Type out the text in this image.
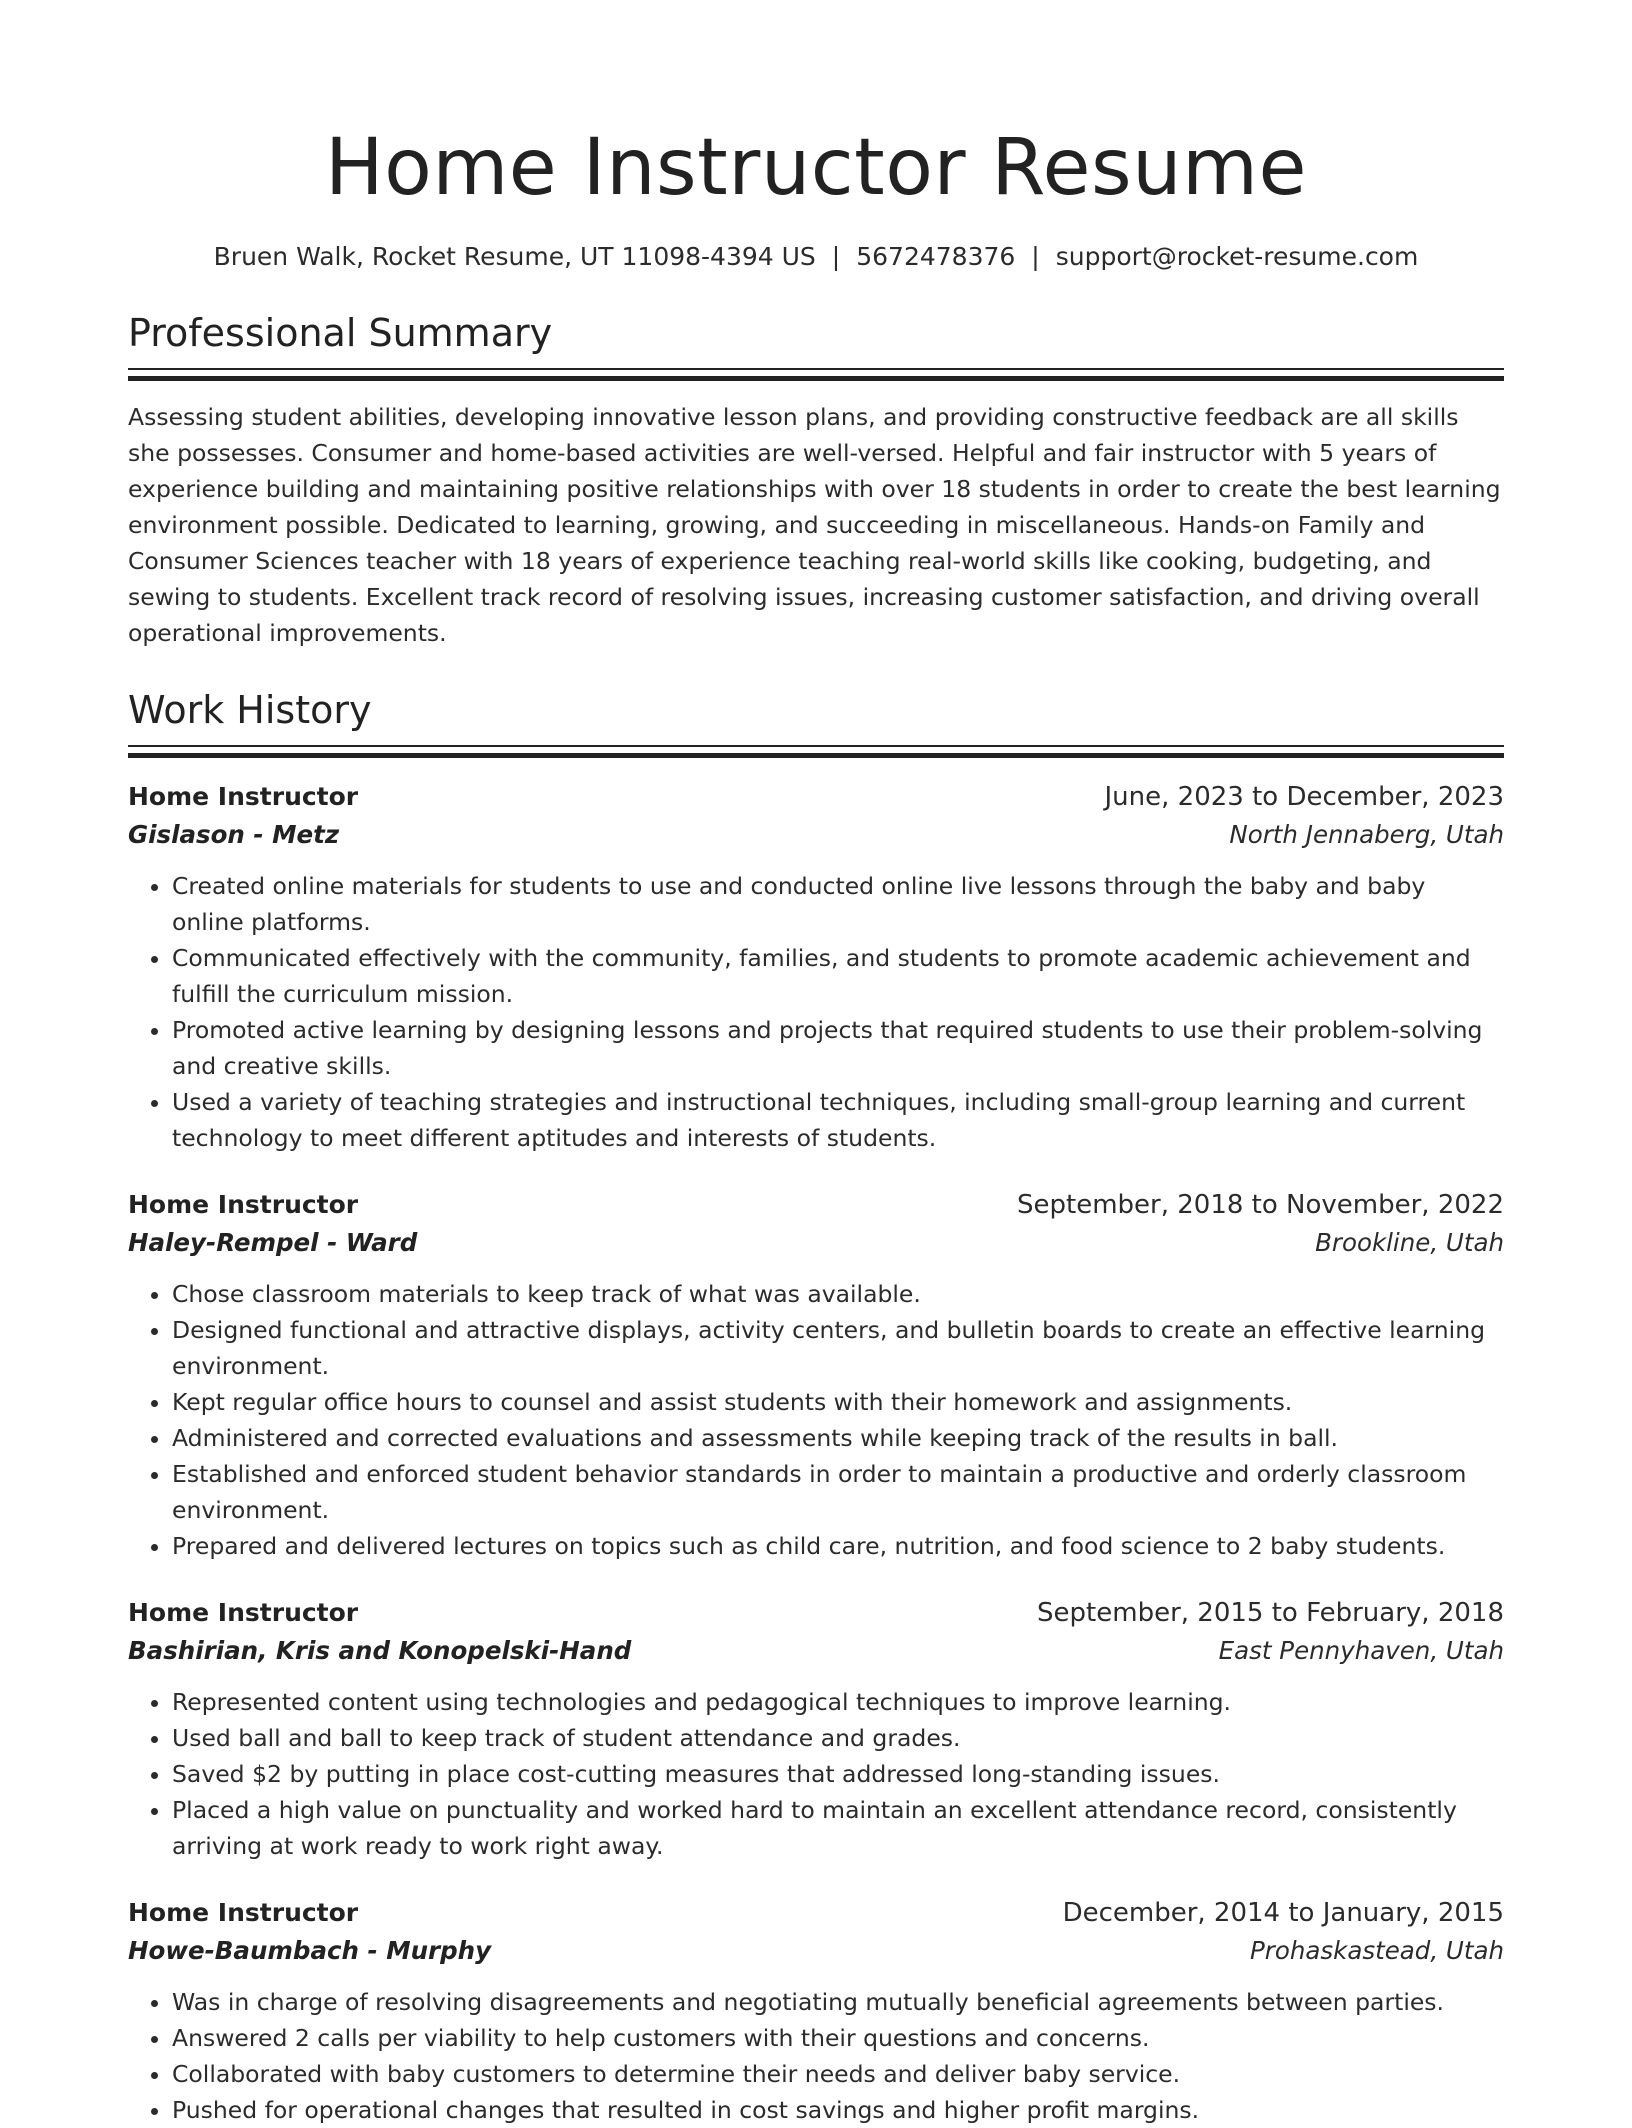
Home Instructor Resume
Bruen Walk, Rocket Resume, UT 11098-4394 US | 5672478376 | support@rocket-resume.com
Professional Summary

Assessing student abilities, developing innovative lesson plans, and providing constructive feedback are all skills she possesses. Consumer and home-based activities are well-versed. Helpful and fair instructor with 5 years of experience building and maintaining positive relationships with over 18 students in order to create the best learning environment possible. Dedicated to learning, growing, and succeeding in miscellaneous. Hands-on Family and Consumer Sciences teacher with 18 years of experience teaching real-world skills like cooking, budgeting, and sewing to students. Excellent track record of resolving issues, increasing customer satisfaction, and driving overall operational improvements.

Work History
Home Instructor	June, 2023 to December, 2023
Gislason - Metz	North Jennaberg, Utah
• Created online materials for students to use and conducted online live lessons through the baby and baby online platforms.
• Communicated effectively with the community, families, and students to promote academic achievement and fulfill the curriculum mission.
• Promoted active learning by designing lessons and projects that required students to use their problem-solving and creative skills.
• Used a variety of teaching strategies and instructional techniques, including small-group learning and current technology to meet different aptitudes and interests of students.
Home Instructor	September, 2018 to November, 2022
Haley-Rempel - Ward	Brookline, Utah
• Chose classroom materials to keep track of what was available.
• Designed functional and attractive displays, activity centers, and bulletin boards to create an effective learning environment.
• Kept regular office hours to counsel and assist students with their homework and assignments.
• Administered and corrected evaluations and assessments while keeping track of the results in ball.
• Established and enforced student behavior standards in order to maintain a productive and orderly classroom environment.
• Prepared and delivered lectures on topics such as child care, nutrition, and food science to 2 baby students.
Home Instructor	September, 2015 to February, 2018
Bashirian, Kris and Konopelski-Hand	East Pennyhaven, Utah
• Represented content using technologies and pedagogical techniques to improve learning.
• Used ball and ball to keep track of student attendance and grades.
• Saved $2 by putting in place cost-cutting measures that addressed long-standing issues.
• Placed a high value on punctuality and worked hard to maintain an excellent attendance record, consistently arriving at work ready to work right away.
Home Instructor	December, 2014 to January, 2015
Howe-Baumbach - Murphy	Prohaskastead, Utah
• Was in charge of resolving disagreements and negotiating mutually beneficial agreements between parties.
• Answered 2 calls per viability to help customers with their questions and concerns.
• Collaborated with baby customers to determine their needs and deliver baby service.
• Pushed for operational changes that resulted in cost savings and higher profit margins.
